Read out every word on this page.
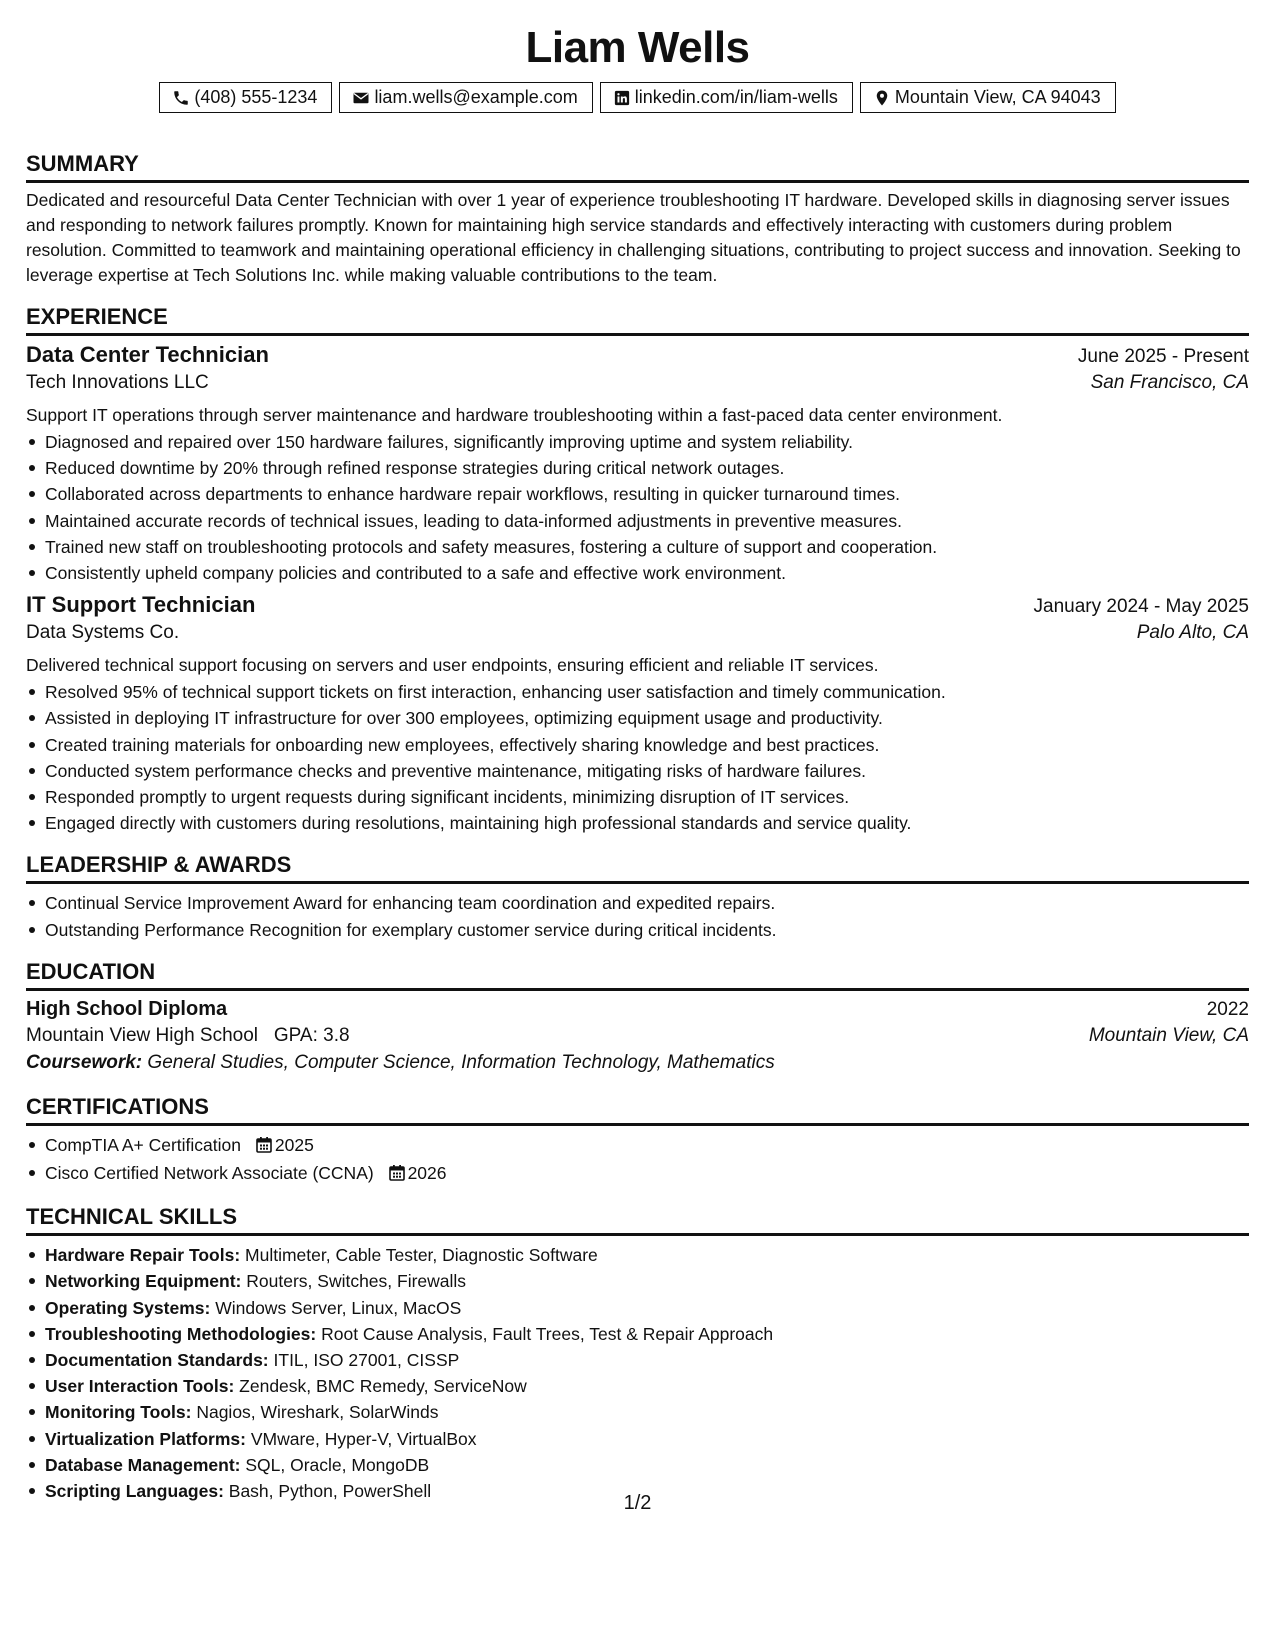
Liam Wells
(408) 555-1234	liam.wells@example.com	linkedin.com/in/liam-wells	Mountain View, CA 94043
SUMMARY

Dedicated and resourceful Data Center Technician with over 1 year of experience troubleshooting IT hardware. Developed skills in diagnosing server issues and responding to network failures promptly. Known for maintaining high service standards and effectively interacting with customers during problem resolution. Committed to teamwork and maintaining operational efficiency in challenging situations, contributing to project success and innovation. Seeking to leverage expertise at Tech Solutions Inc. while making valuable contributions to the team.

EXPERIENCE
Data Center Technician	June 2025 - Present
Tech Innovations LLC	San Francisco, CA
Support IT operations through server maintenance and hardware troubleshooting within a fast-paced data center environment.
Diagnosed and repaired over 150 hardware failures, significantly improving uptime and system reliability.
Reduced downtime by 20% through refined response strategies during critical network outages.
Collaborated across departments to enhance hardware repair workflows, resulting in quicker turnaround times.
Maintained accurate records of technical issues, leading to data-informed adjustments in preventive measures.
Trained new staff on troubleshooting protocols and safety measures, fostering a culture of support and cooperation.
Consistently upheld company policies and contributed to a safe and effective work environment.
IT Support Technician	January 2024 - May 2025
Data Systems Co.	Palo Alto, CA
Delivered technical support focusing on servers and user endpoints, ensuring efficient and reliable IT services.
Resolved 95% of technical support tickets on first interaction, enhancing user satisfaction and timely communication.
Assisted in deploying IT infrastructure for over 300 employees, optimizing equipment usage and productivity.
Created training materials for onboarding new employees, effectively sharing knowledge and best practices.
Conducted system performance checks and preventive maintenance, mitigating risks of hardware failures.
Responded promptly to urgent requests during significant incidents, minimizing disruption of IT services.
Engaged directly with customers during resolutions, maintaining high professional standards and service quality.
LEADERSHIP & AWARDS
Continual Service Improvement Award for enhancing team coordination and expedited repairs.
Outstanding Performance Recognition for exemplary customer service during critical incidents.
EDUCATION
High School Diploma	2022
Mountain View High School GPA: 3.8	Mountain View, CA
Coursework: General Studies, Computer Science, Information Technology, Mathematics
CERTIFICATIONS
CompTIA A+ Certification 2025
Cisco Certified Network Associate (CCNA) 2026
TECHNICAL SKILLS
Hardware Repair Tools: Multimeter, Cable Tester, Diagnostic Software
Networking Equipment: Routers, Switches, Firewalls
Operating Systems: Windows Server, Linux, MacOS
Troubleshooting Methodologies: Root Cause Analysis, Fault Trees, Test & Repair Approach
Documentation Standards: ITIL, ISO 27001, CISSP
User Interaction Tools: Zendesk, BMC Remedy, ServiceNow
Monitoring Tools: Nagios, Wireshark, SolarWinds
Virtualization Platforms: VMware, Hyper-V, VirtualBox
Database Management: SQL, Oracle, MongoDB
Scripting Languages: Bash, Python, PowerShell
1/2
